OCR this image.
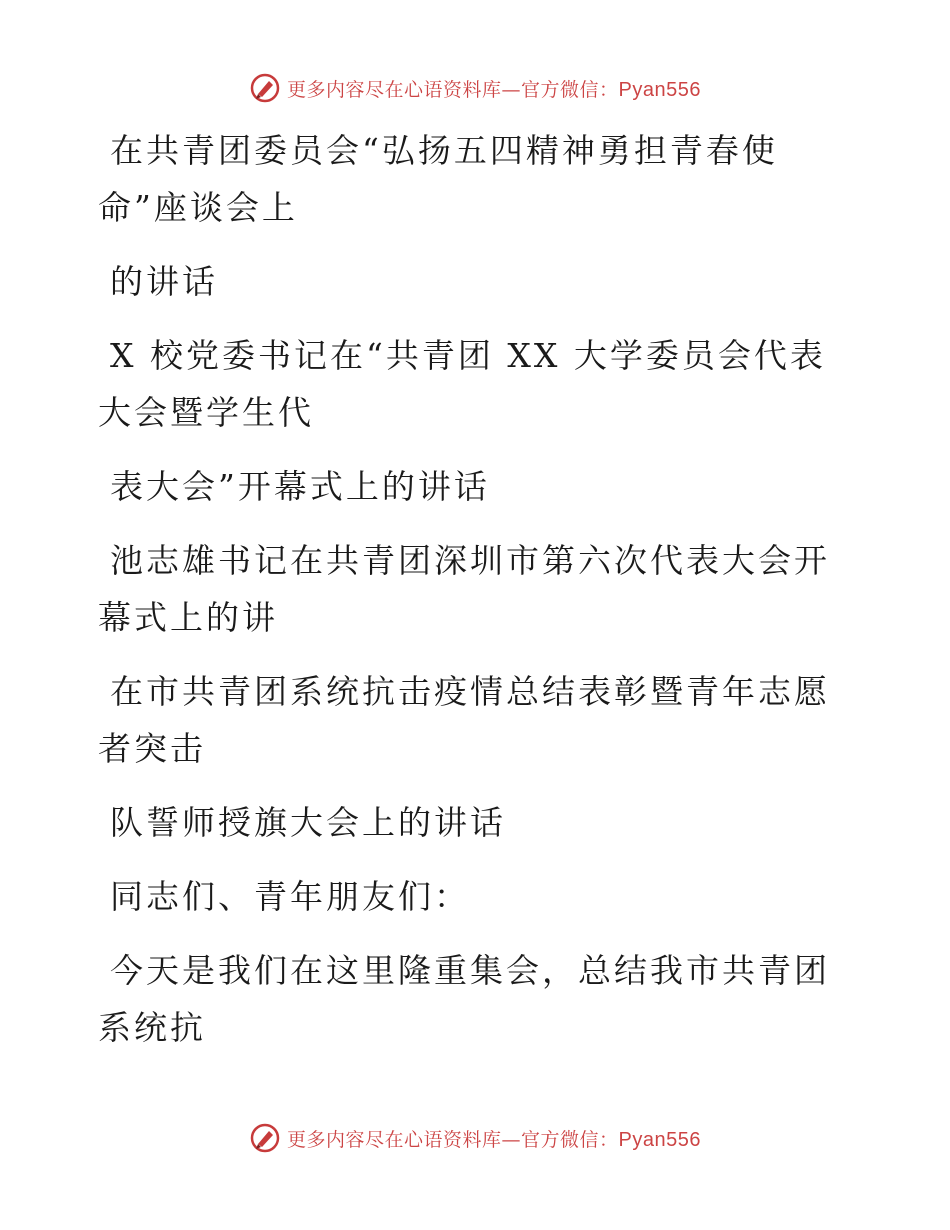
更多内容尽在心语资料库—官方微信：Pyan556

在共青团委员会“弘扬五四精神勇担青春使命”座谈会上

的讲话

X 校党委书记在“共青团 XX 大学委员会代表大会暨学生代

表大会”开幕式上的讲话

池志雄书记在共青团深圳市第六次代表大会开幕式上的讲

在市共青团系统抗击疫情总结表彰暨青年志愿者突击

队誓师授旗大会上的讲话

同志们、青年朋友们：

今天是我们在这里隆重集会，总结我市共青团系统抗

更多内容尽在心语资料库—官方微信：Pyan556
